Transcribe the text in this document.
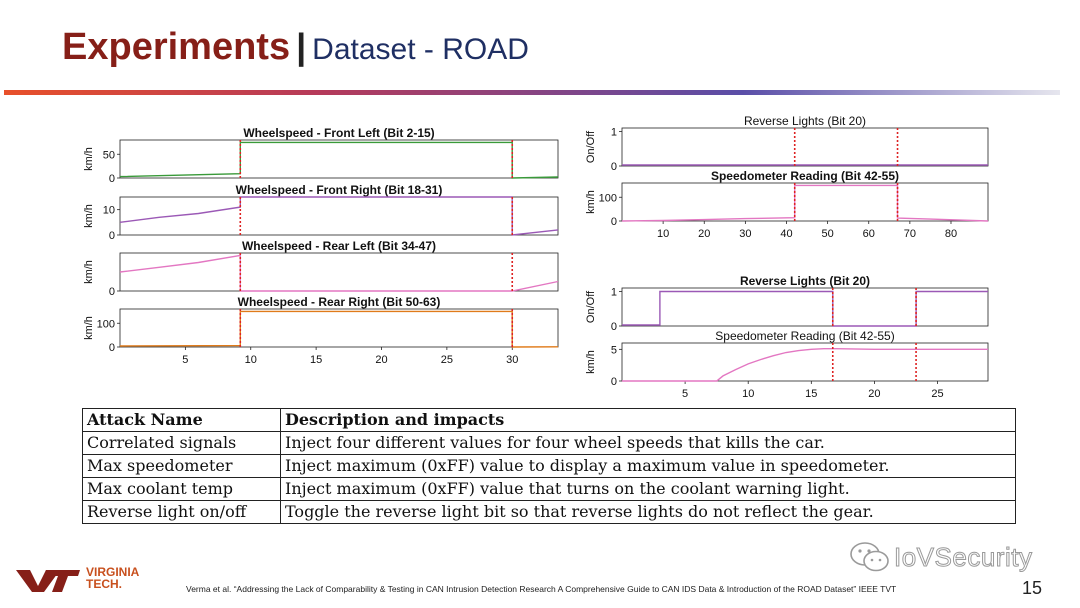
Experiments | Dataset - ROAD
Wheelspeed - Front Left (Bit 2-15)
km/h
0
50
Wheelspeed - Front Right (Bit 18-31)
km/h
0
10
Wheelspeed - Rear Left (Bit 34-47)
km/h
0
Wheelspeed - Rear Right (Bit 50-63)
km/h
0
100
5	10	15	20	25	30
Reverse Lights (Bit 20)
On/Off
0
1
Speedometer Reading (Bit 42-55)
km/h
0
100
10	20	30	40	50	60	70	80
Reverse Lights (Bit 20)
On/Off
0
1
Speedometer Reading (Bit 42-55)
km/h
0
5
5	10	15	20	25
Attack Name	Description and impacts
Correlated signals	Inject four different values for four wheel speeds that kills the car.
Max speedometer	Inject maximum (0xFF) value to display a maximum value in speedometer.
Max coolant temp	Inject maximum (0xFF) value that turns on the coolant warning light.
Reverse light on/off	Toggle the reverse light bit so that reverse lights do not reflect the gear.
IoVSecurity
VIRGINIA
TECH.	Verma et al. “Addressing the Lack of Comparability & Testing in CAN Intrusion Detection Research A Comprehensive Guide to CAN IDS Data & Introduction of the ROAD Dataset” IEEE TVT	15
